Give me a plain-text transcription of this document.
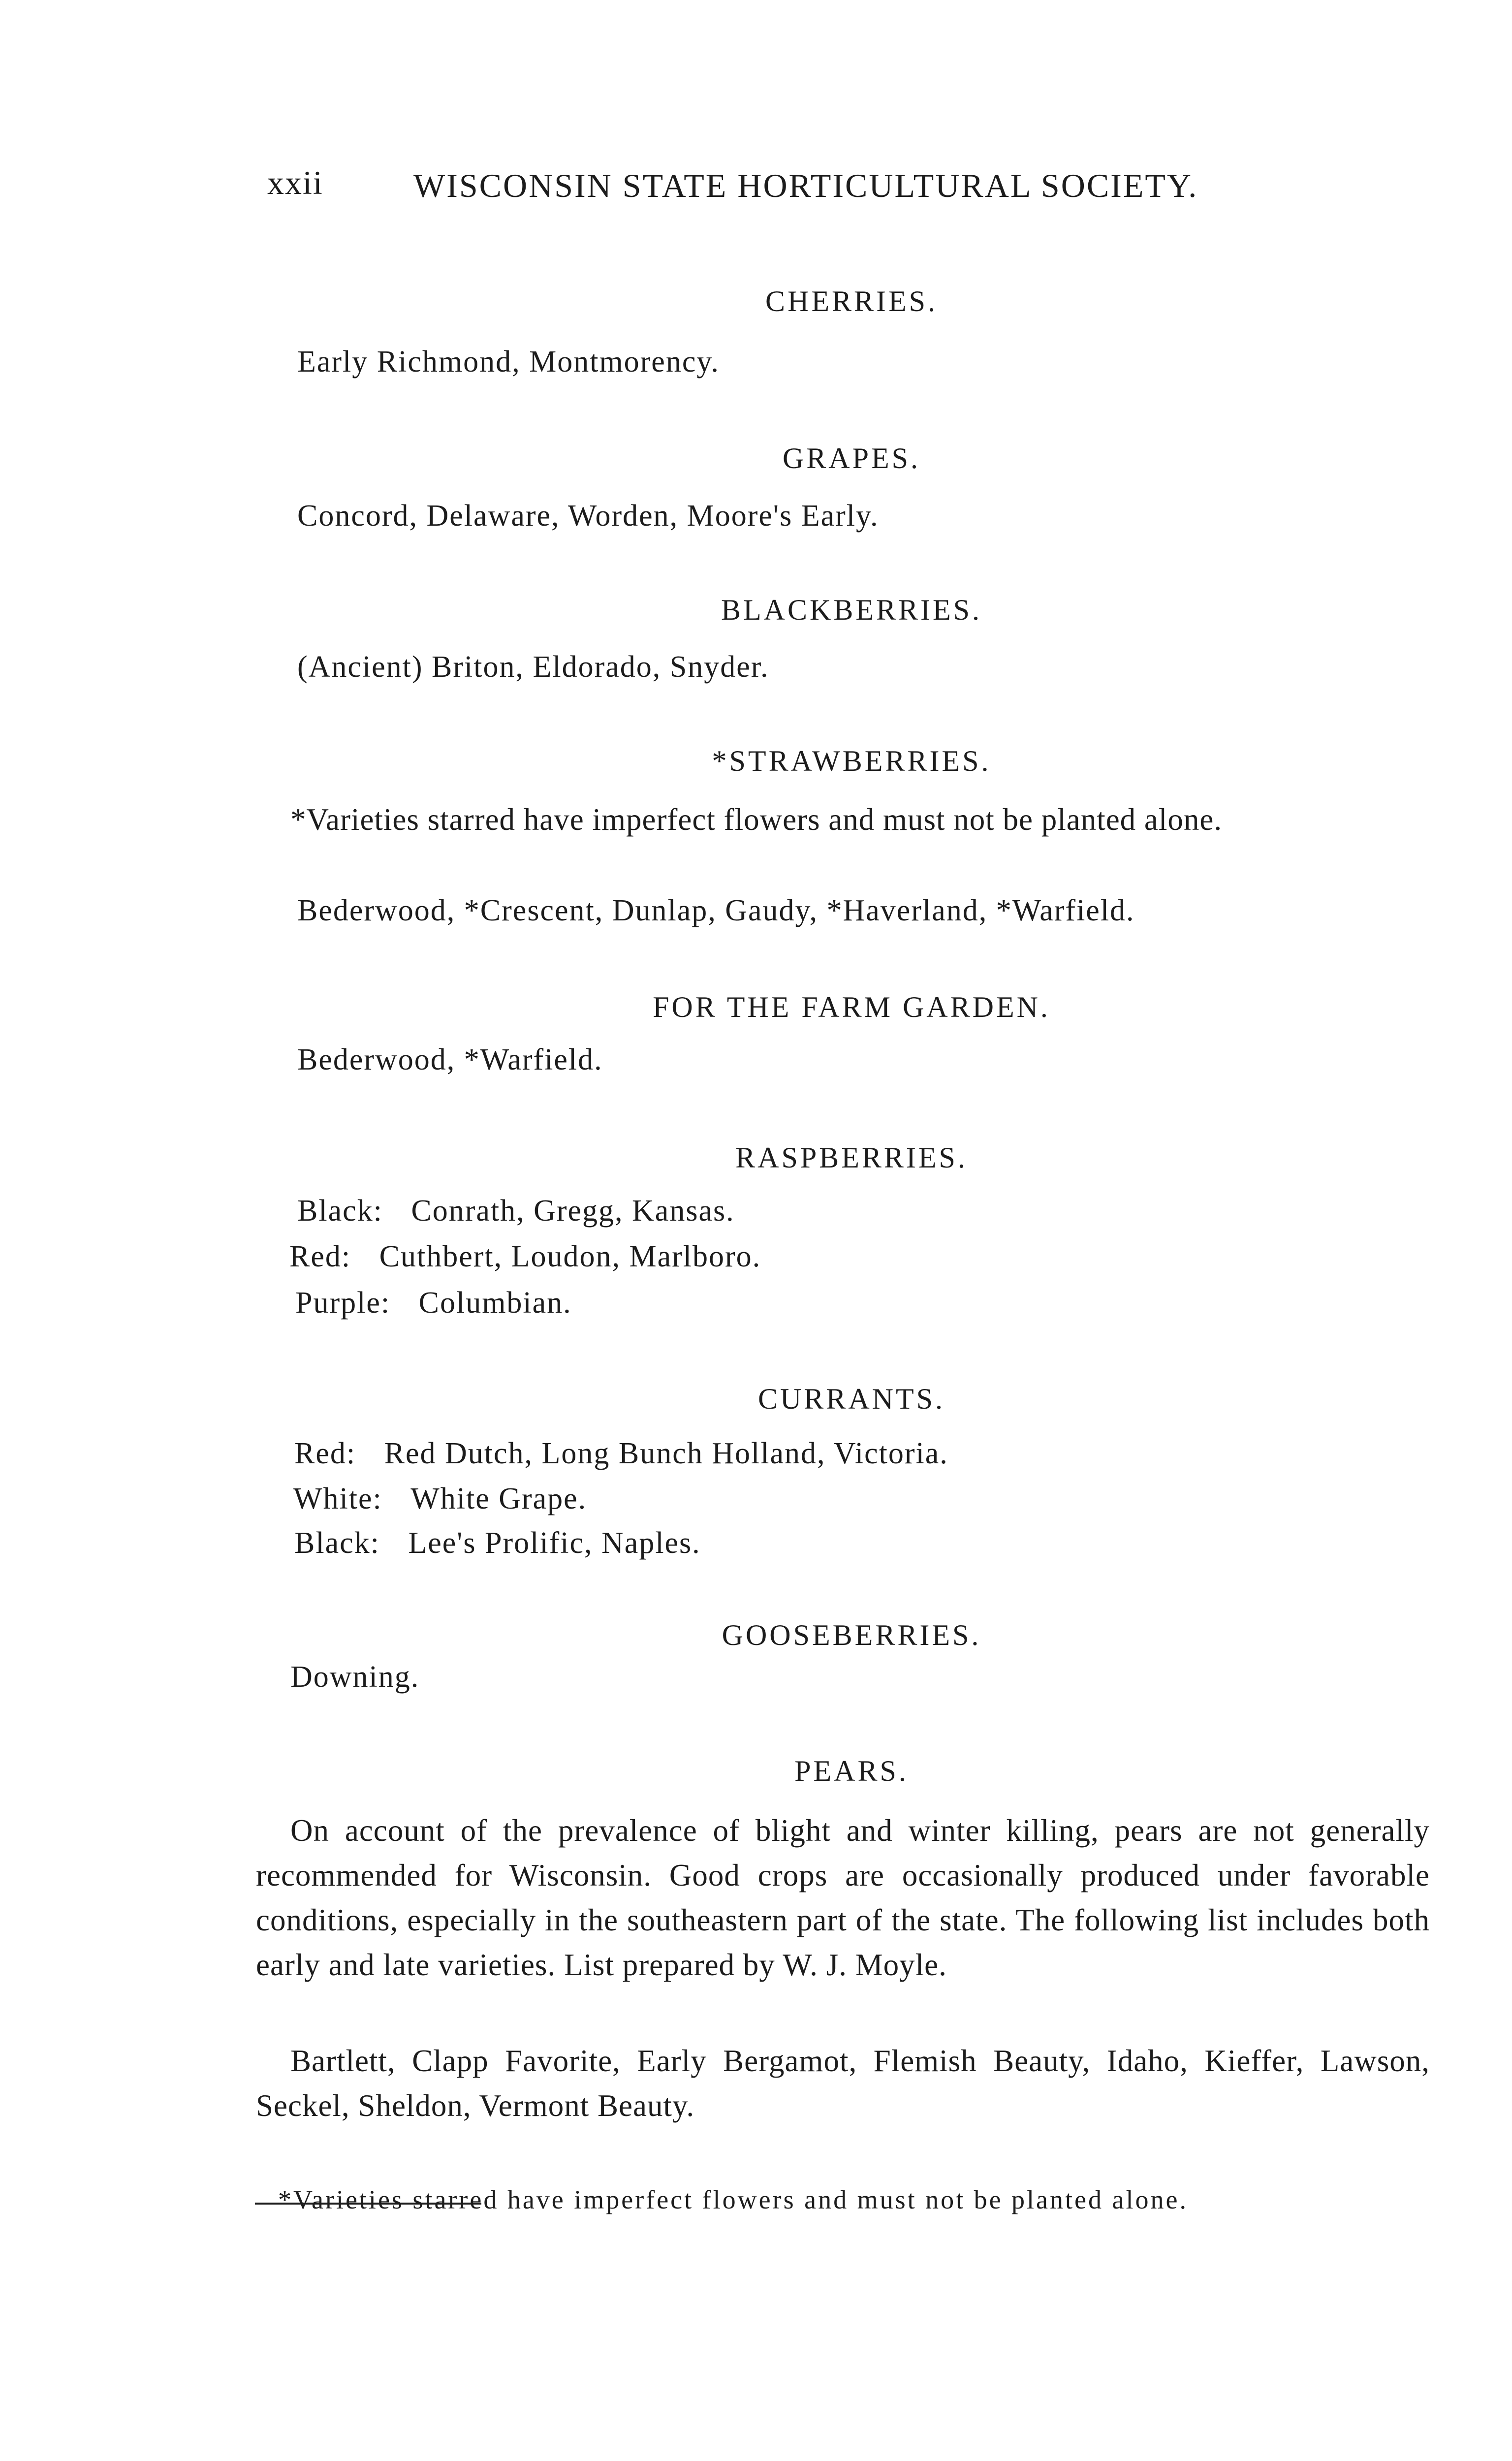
xxii	WISCONSIN STATE HORTICULTURAL SOCIETY.
CHERRIES.

Early Richmond, Montmorency.

GRAPES.

Concord, Delaware, Worden, Moore's Early.

BLACKBERRIES.

(Ancient) Briton, Eldorado, Snyder.

*STRAWBERRIES.

*Varieties starred have imperfect flowers and must not be planted alone.

Bederwood, *Crescent, Dunlap, Gaudy, *Haverland, *Warfield.

FOR THE FARM GARDEN.

Bederwood, *Warfield.

RASPBERRIES.

Black: Conrath, Gregg, Kansas.

Red: Cuthbert, Loudon, Marlboro.

Purple: Columbian.

CURRANTS.

Red: Red Dutch, Long Bunch Holland, Victoria.

White: White Grape.

Black: Lee's Prolific, Naples.

GOOSEBERRIES.

Downing.

PEARS.

On account of the prevalence of blight and winter killing, pears are not generally recommended for Wisconsin. Good crops are occasionally produced under favorable conditions, especially in the southeastern part of the state. The following list includes both early and late varieties. List prepared by W. J. Moyle.

Bartlett, Clapp Favorite, Early Bergamot, Flemish Beauty, Idaho, Kieffer, Lawson, Seckel, Sheldon, Vermont Beauty.

*Varieties starred have imperfect flowers and must not be planted alone.
